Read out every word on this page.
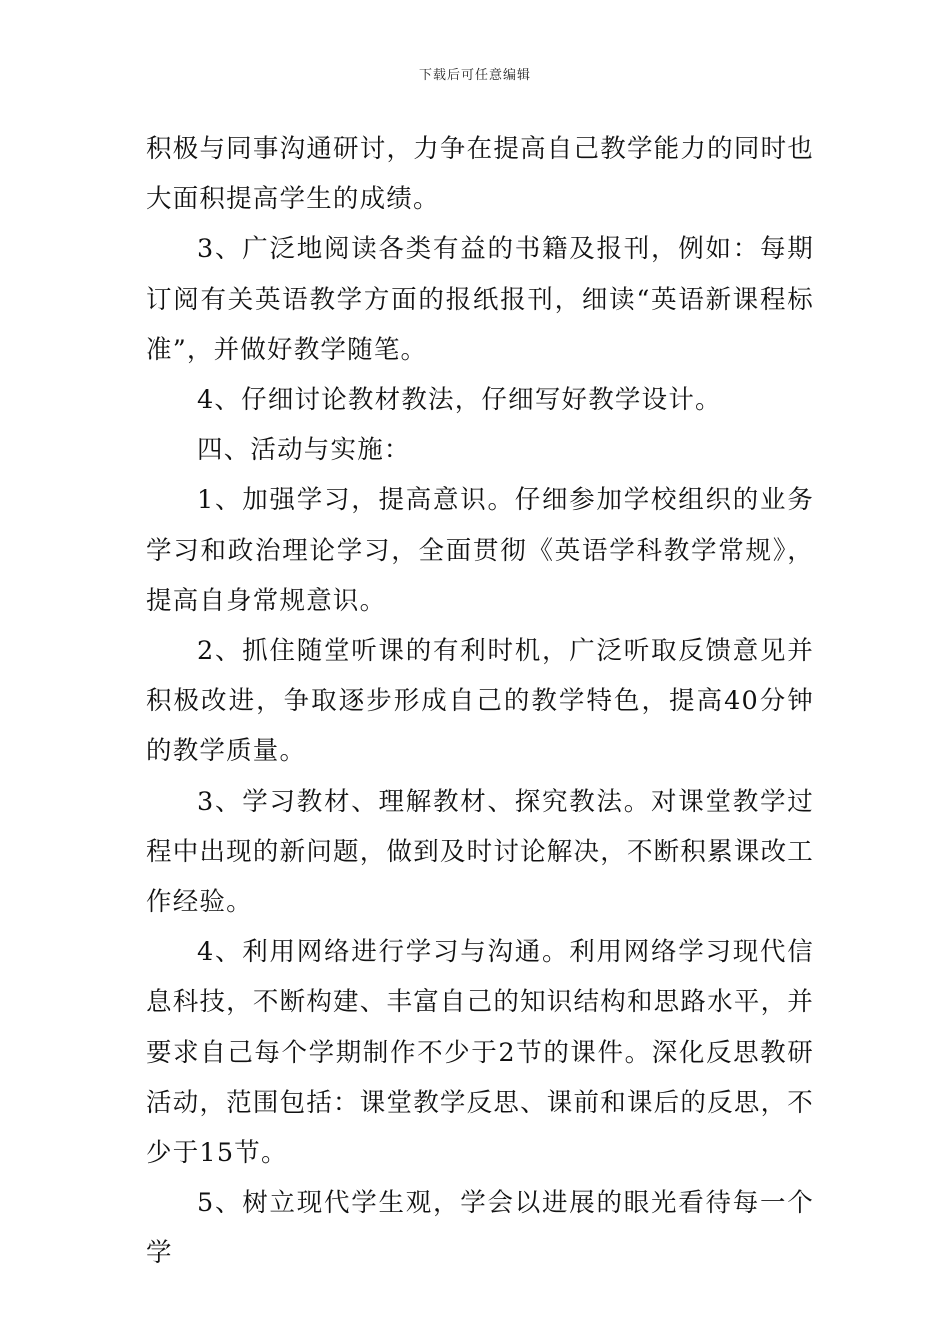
下载后可任意编辑

积极与同事沟通研讨，力争在提高自己教学能力的同时也大面积提高学生的成绩。

3、广泛地阅读各类有益的书籍及报刊，例如：每期订阅有关英语教学方面的报纸报刊，细读“英语新课程标准”，并做好教学随笔。

4、仔细讨论教材教法，仔细写好教学设计。

四、活动与实施：

1、加强学习，提高意识。仔细参加学校组织的业务学习和政治理论学习，全面贯彻《英语学科教学常规》，提高自身常规意识。

2、抓住随堂听课的有利时机，广泛听取反馈意见并积极改进，争取逐步形成自己的教学特色，提高40分钟的教学质量。

3、学习教材、理解教材、探究教法。对课堂教学过程中出现的新问题，做到及时讨论解决，不断积累课改工作经验。

4、利用网络进行学习与沟通。利用网络学习现代信息科技，不断构建、丰富自己的知识结构和思路水平，并要求自己每个学期制作不少于2节的课件。深化反思教研活动，范围包括：课堂教学反思、课前和课后的反思，不少于15节。

5、树立现代学生观，学会以进展的眼光看待每一个学
